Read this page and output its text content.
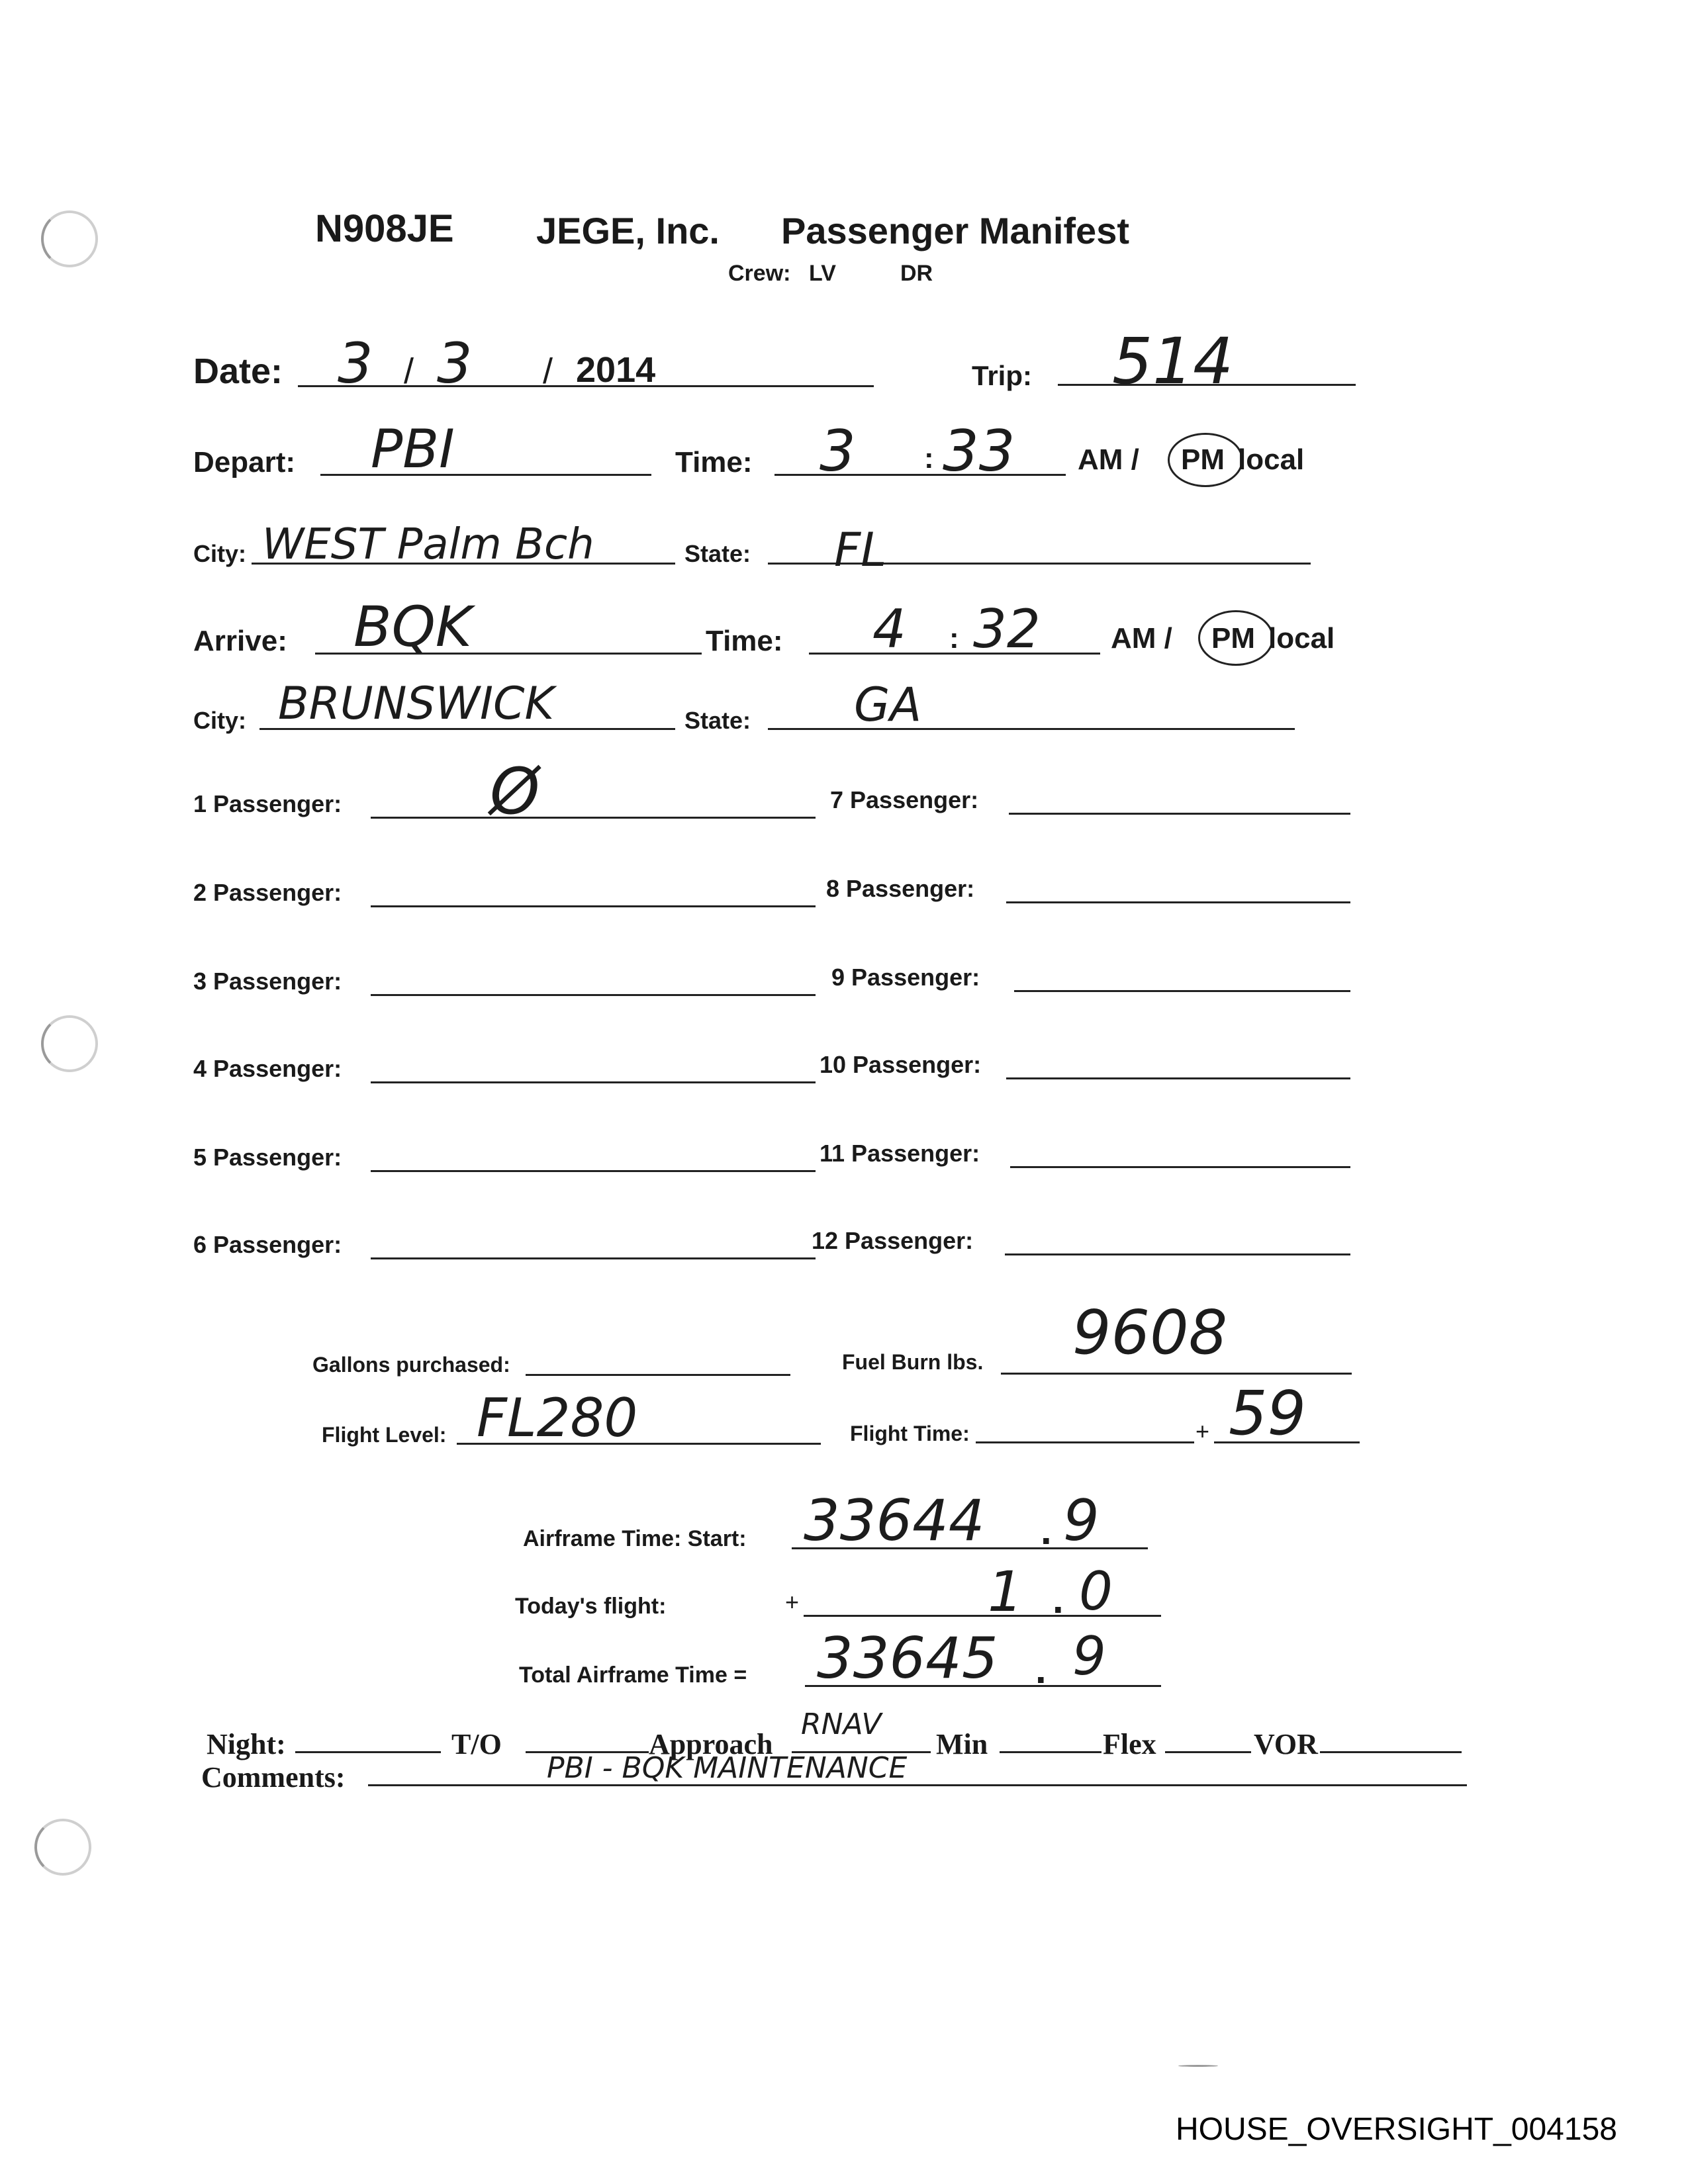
N908JE JEGE, Inc. Passenger Manifest
Crew: LV	DR
Date: 3 / 3 / 2014	Trip: 514
Depart: PBI	Time: 3 : 33 AM / PM local
City: WEST Palm Bch	State: FL
Arrive: BQK	Time: 4 : 32 AM / PM local
City: BRUNSWICK	State: GA
1 Passenger: Ø
2 Passenger:
3 Passenger:
4 Passenger:
5 Passenger:
6 Passenger:
7 Passenger:
8 Passenger:
9 Passenger:
10 Passenger:
11 Passenger:
12 Passenger:
Gallons purchased:	Fuel Burn lbs. 9608
Flight Level: FL280	Flight Time:	+ 59
Airframe Time: Start: 33644 . 9
Today's flight:	+	1 . 0
Total Airframe Time = 33645 . 9
Night:	T/O	Approach
RNAV
Min	Flex	VOR
Comments:	PBI - BQK MAINTENANCE
HOUSE_OVERSIGHT_004158
